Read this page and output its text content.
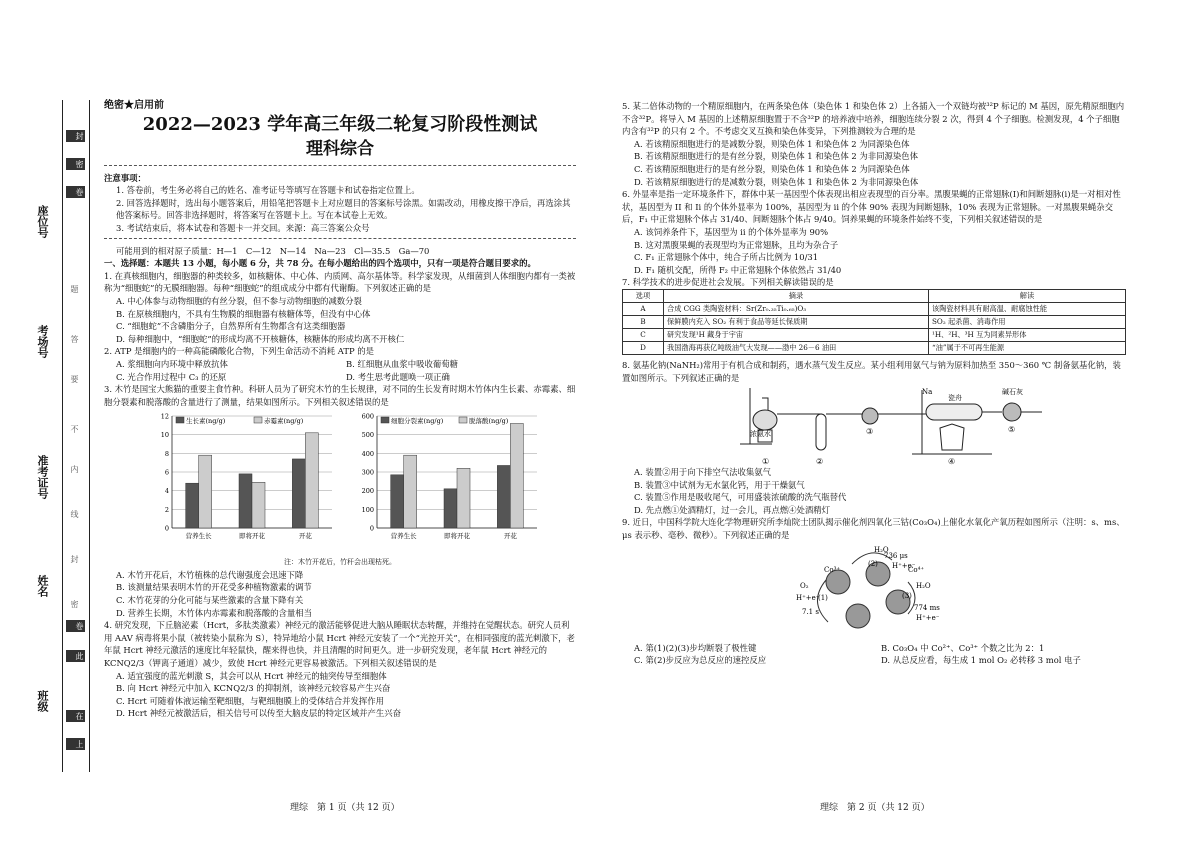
封
密
卷
题
答
要
不
内
线
封
密
卷
此
在
上
班级
姓名
准考证号
考场号
座位号
绝密★启用前
2022—2023 学年高三年级二轮复习阶段性测试
理科综合

注意事项：

1. 答卷前，考生务必将自己的姓名、准考证号等填写在答题卡和试卷指定位置上。

2. 回答选择题时，选出每小题答案后，用铅笔把答题卡上对应题目的答案标号涂黑。如需改动，用橡皮擦干净后，再选涂其他答案标号。回答非选择题时，将答案写在答题卡上。写在本试卷上无效。

3. 考试结束后，将本试卷和答题卡一并交回。来源：高三答案公众号

可能用到的相对原子质量：H—1　C—12　N—14　Na—23　Cl—35.5　Ga—70

一、选择题：本题共 13 小题，每小题 6 分，共 78 分。在每小题给出的四个选项中，只有一项是符合题目要求的。

1. 在真核细胞内，细胞器的种类较多，如核糖体、中心体、内质网、高尔基体等。科学家发现，从细菌到人体细胞内都有一类被称为“细胞蛇”的无膜细胞器。每种“细胞蛇”的组成成分中都有代谢酶。下列叙述正确的是

A. 中心体参与动物细胞的有丝分裂，但不参与动物细胞的减数分裂

B. 在原核细胞内，不具有生物膜的细胞器有核糖体等，但没有中心体

C. “细胞蛇”不含磷脂分子，自然界所有生物都含有这类细胞器

D. 每种细胞中，“细胞蛇”的形成均离不开核糖体，核糖体的形成均离不开核仁

2. ATP 是细胞内的一种高能磷酸化合物，下列生命活动不消耗 ATP 的是

A. 浆细胞向内环境中释放抗体	B. 红细胞从血浆中吸收葡萄糖
C. 光合作用过程中 C₃ 的还原	D. 考生思考此题唤一项正确

3. 木竹是国宝大熊猫的重要主食竹种。科研人员为了研究木竹的生长规律，对不同的生长发育时期木竹体内生长素、赤霉素、细胞分裂素和脱落酸的含量进行了测量，结果如图所示。下列相关叙述错误的是

生长素(ng/g)	赤霉素(ng/g)
0
2
4
6
8
10
12
营养生长	即将开花	开花
细胞分裂素(ng/g)	脱落酸(ng/g)
0
100
200
300
400
500
600
营养生长	即将开花	开花

注：木竹开花后，竹秆会出现枯死。

A. 木竹开花后，木竹植株的总代谢强度会迅速下降

B. 该测量结果表明木竹的开花受多种植物激素的调节

C. 木竹花芽的分化可能与某些激素的含量下降有关

D. 营养生长期，木竹体内赤霉素和脱落酸的含量相当

4. 研究发现，下丘脑泌素（Hcrt，多肽类激素）神经元的激活能够促进大脑从睡眠状态转醒，并维持在觉醒状态。研究人员利用 AAV 病毒将果小鼠（被转染小鼠称为 S），特异地给小鼠 Hcrt 神经元安装了一个“光控开关”，在相同强度的蓝光刺激下，老年鼠 Hcrt 神经元激活的速度比年轻鼠快，醒来得也快，并且清醒的时间更久。进一步研究发现，老年鼠 Hcrt 神经元的 KCNQ2/3（钾离子通道）减少，致使 Hcrt 神经元更容易被激活。下列相关叙述错误的是

A. 适宜强度的蓝光刺激 S，其会可以从 Hcrt 神经元的轴突传导至细胞体

B. 向 Hcrt 神经元中加入 KCNQ2/3 的抑制剂，该神经元较容易产生兴奋

C. Hcrt 可随着体液运输至靶细胞，与靶细胞膜上的受体结合并发挥作用

D. Hcrt 神经元被激活后，相关信号可以传至大脑皮层的特定区域并产生兴奋

理综　第 1 页（共 12 页）

5. 某二倍体动物的一个精原细胞内，在两条染色体（染色体 1 和染色体 2）上各插入一个双链均被³²P 标记的 M 基因，原先精原细胞内不含³²P。将导入 M 基因的上述精原细胞置于不含³²P 的培养液中培养，细胞连续分裂 2 次，得到 4 个子细胞。检测发现，4 个子细胞内含有³²P 的只有 2 个。不考虑交叉互换和染色体变异，下列推测较为合理的是

A. 若该精原细胞进行的是减数分裂，则染色体 1 和染色体 2 为同源染色体

B. 若该精原细胞进行的是有丝分裂，则染色体 1 和染色体 2 为非同源染色体

C. 若该精原细胞进行的是有丝分裂，则染色体 1 和染色体 2 为同源染色体

D. 若该精原细胞进行的是减数分裂，则染色体 1 和染色体 2 为非同源染色体

6. 外显率是指一定环境条件下，群体中某一基因型个体表现出相应表现型的百分率。黑腹果蝇的正常翅脉(I)和间断翅脉(i)是一对相对性状，基因型为 II 和 Ii 的个体外显率为 100%，基因型为 ii 的个体 90% 表现为间断翅脉，10% 表现为正常翅脉。一对黑腹果蝇杂交后，F₁ 中正常翅脉个体占 31/40、间断翅脉个体占 9/40。饲养果蝇的环境条件始终不变，下列相关叙述错误的是

A. 该饲养条件下，基因型为 ii 的个体外显率为 90%

B. 这对黑腹果蝇的表现型均为正常翅脉，且均为杂合子

C. F₁ 正常翅脉个体中，纯合子所占比例为 10/31

D. F₁ 随机交配，所得 F₂ 中正常翅脉个体依然占 31/40

7. 科学技术的进步促进社会发展。下列相关解读错误的是

选项	摘录	解读
A	合成 CGG 类陶瓷材料：Sr(Zr₀.₃₅Ti₀.₆₅)O₃	该陶瓷材料具有耐高温、耐腐蚀性能
B	保鲜膜内充入 SO₂ 有利于食品等延长保质期	SO₂ 起杀菌、消毒作用
C	研究发现¹H 藏身于宇宙	¹H、²H、³H 互为同素异形体
D	我国渤海再获亿吨级油气大发现——渤中 26－6 油田	“油”属于不可再生能源

8. 氨基化钠(NaNH₂)常用于有机合成和制药，遇水蒸气发生反应。某小组利用氨气与钠为原料加热至 350～360 ℃ 制备氨基化钠，装置如图所示。下列叙述正确的是

浓氨水
Na
瓷舟
碱石灰
①	②
③
④
⑤

A. 装置②用于向下排空气法收集氨气

B. 装置③中试剂为无水氯化钙，用于干燥氨气

C. 装置⑤作用是吸收尾气，可用盛装浓硫酸的洗气瓶替代

D. 先点燃①处酒精灯，过一会儿，再点燃④处酒精灯

9. 近日，中国科学院大连化学物理研究所李灿院士团队揭示催化剂四氧化三钴(Co₃O₄)上催化水氧化产氧历程如图所示（注明：s、ms、μs 表示秒、毫秒、微秒）。下列叙述正确的是

H₂O
736 μs
(2) H⁺+e⁻
Co³⁺	Co⁴⁺
O₂
H⁺+e⁻
(1)
7.1 s
(3)
774 ms
H₂O
H⁺+e⁻
A. 第(1)(2)(3)步均断裂了极性键	B. Co₃O₄ 中 Co²⁺、Co³⁺ 个数之比为 2：1
C. 第(2)步反应为总反应的速控反应	D. 从总反应看，每生成 1 mol O₂ 必转移 3 mol 电子
理综　第 2 页（共 12 页）
